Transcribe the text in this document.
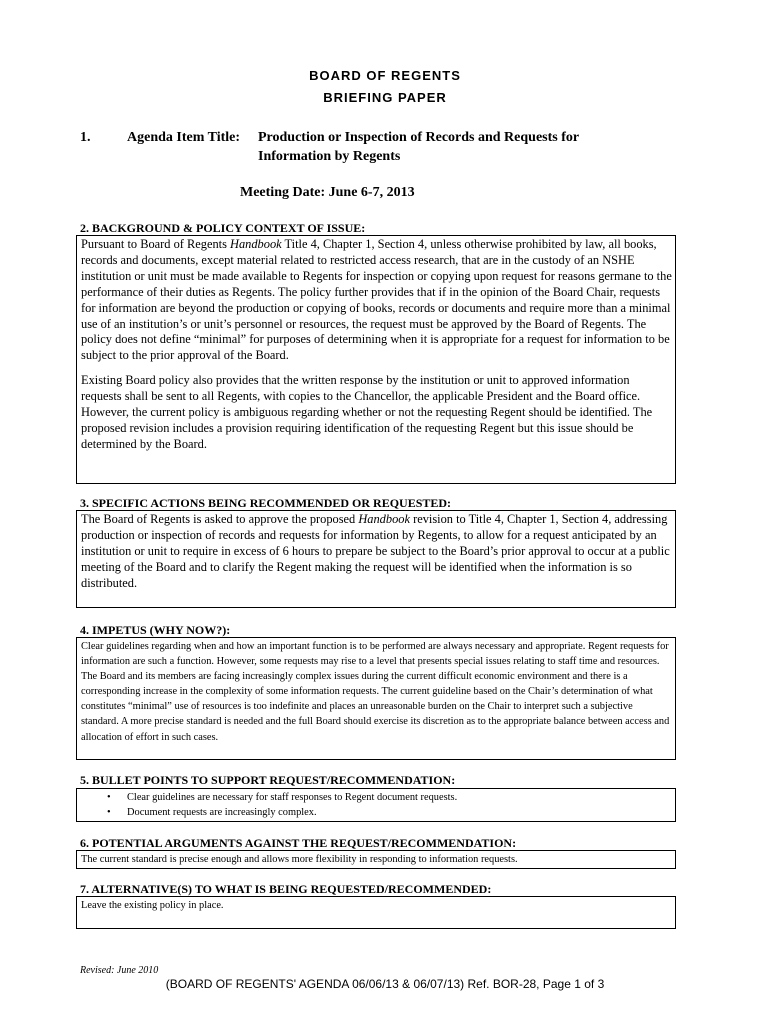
BOARD OF REGENTS
BRIEFING PAPER
1.	Agenda Item Title: Production or Inspection of Records and Requests for
Information by Regents
Meeting Date: June 6-7, 2013
2. BACKGROUND & POLICY CONTEXT OF ISSUE:

Pursuant to Board of Regents Handbook Title 4, Chapter 1, Section 4, unless otherwise prohibited by law, all books, records and documents, except material related to restricted access research, that are in the custody of an NSHE institution or unit must be made available to Regents for inspection or copying upon request for reasons germane to the performance of their duties as Regents. The policy further provides that if in the opinion of the Board Chair, requests for information are beyond the production or copying of books, records or documents and require more than a minimal use of an institution’s or unit’s personnel or resources, the request must be approved by the Board of Regents. The policy does not define “minimal” for purposes of determining when it is appropriate for a request for information to be subject to the prior approval of the Board.

Existing Board policy also provides that the written response by the institution or unit to approved information requests shall be sent to all Regents, with copies to the Chancellor, the applicable President and the Board office. However, the current policy is ambiguous regarding whether or not the requesting Regent should be identified. The proposed revision includes a provision requiring identification of the requesting Regent but this issue should be determined by the Board.

3. SPECIFIC ACTIONS BEING RECOMMENDED OR REQUESTED:

The Board of Regents is asked to approve the proposed Handbook revision to Title 4, Chapter 1, Section 4, addressing production or inspection of records and requests for information by Regents, to allow for a request anticipated by an institution or unit to require in excess of 6 hours to prepare be subject to the Board’s prior approval to occur at a public meeting of the Board and to clarify the Regent making the request will be identified when the information is so distributed.

4. IMPETUS (WHY NOW?):

Clear guidelines regarding when and how an important function is to be performed are always necessary and appropriate. Regent requests for information are such a function. However, some requests may rise to a level that presents special issues relating to staff time and resources. The Board and its members are facing increasingly complex issues during the current difficult economic environment and there is a corresponding increase in the complexity of some information requests. The current guideline based on the Chair’s determination of what constitutes “minimal” use of resources is too indefinite and places an unreasonable burden on the Chair to interpret such a subjective standard. A more precise standard is needed and the full Board should exercise its discretion as to the appropriate balance between access and allocation of effort in such cases.

5. BULLET POINTS TO SUPPORT REQUEST/RECOMMENDATION:
• Clear guidelines are necessary for staff responses to Regent document requests.
• Document requests are increasingly complex.
6. POTENTIAL ARGUMENTS AGAINST THE REQUEST/RECOMMENDATION:

The current standard is precise enough and allows more flexibility in responding to information requests.

7. ALTERNATIVE(S) TO WHAT IS BEING REQUESTED/RECOMMENDED:

Leave the existing policy in place.

Revised: June 2010
(BOARD OF REGENTS' AGENDA 06/06/13 & 06/07/13) Ref. BOR-28, Page 1 of 3
